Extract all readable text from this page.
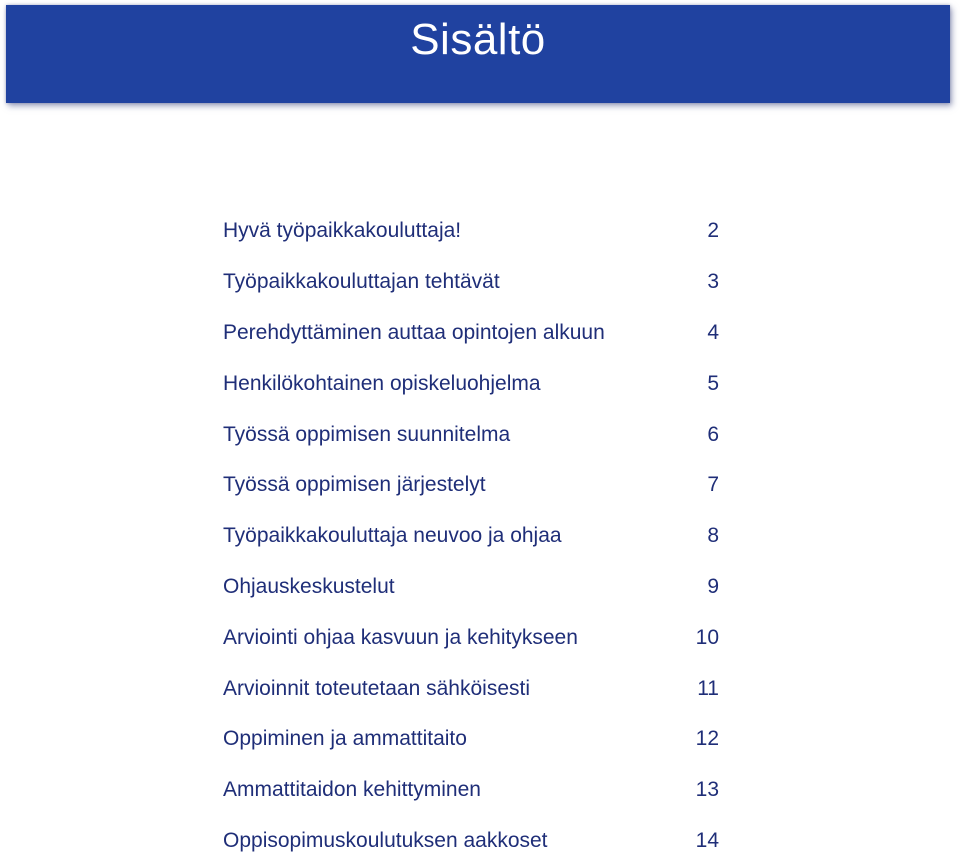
Sisältö
Hyvä työpaikkakouluttaja!	2
Työpaikkakouluttajan tehtävät	3
Perehdyttäminen auttaa opintojen alkuun	4
Henkilökohtainen opiskeluohjelma	5
Työssä oppimisen suunnitelma	6
Työssä oppimisen järjestelyt	7
Työpaikkakouluttaja neuvoo ja ohjaa	8
Ohjauskeskustelut	9
Arviointi ohjaa kasvuun ja kehitykseen	10
Arvioinnit toteutetaan sähköisesti	11
Oppiminen ja ammattitaito	12
Ammattitaidon kehittyminen	13
Oppisopimuskoulutuksen aakkoset	14
